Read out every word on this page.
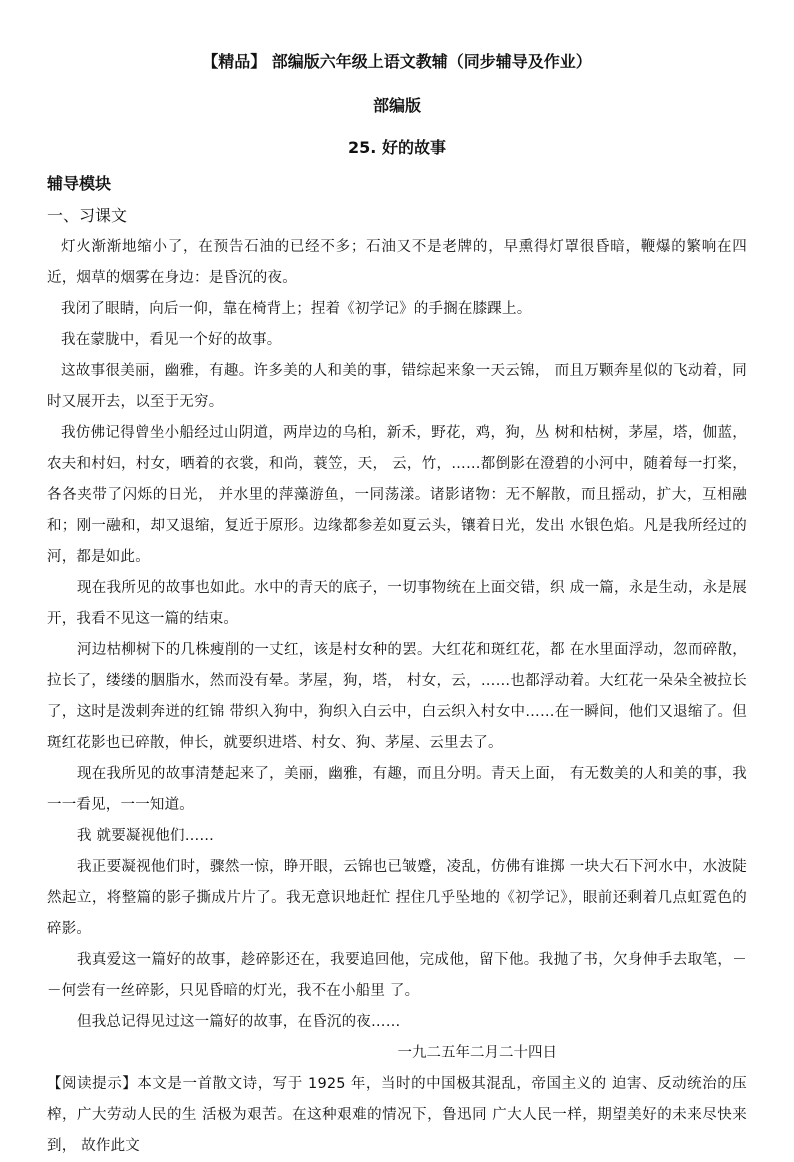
【精品】 部编版六年级上语文教辅（同步辅导及作业）
部编版
25. 好的故事
辅导模块
一、习课文

灯火渐渐地缩小了，在预告石油的已经不多；石油又不是老牌的，早熏得灯罩很昏暗，鞭爆的繁响在四近，烟草的烟雾在身边：是昏沉的夜。

我闭了眼睛，向后一仰，靠在椅背上；捏着《初学记》的手搁在膝踝上。

我在蒙胧中，看见一个好的故事。

这故事很美丽，幽雅，有趣。许多美的人和美的事，错综起来象一天云锦， 而且万颗奔星似的飞动着，同时又展开去，以至于无穷。

我仿佛记得曾坐小船经过山阴道，两岸边的乌桕，新禾，野花，鸡，狗，丛 树和枯树，茅屋，塔，伽蓝，农夫和村妇，村女，晒着的衣裳，和尚，蓑笠，天， 云，竹，……都倒影在澄碧的小河中，随着每一打桨，各各夹带了闪烁的日光， 并水里的萍藻游鱼，一同荡漾。诸影诸物：无不解散，而且摇动，扩大，互相融和；刚一融和，却又退缩，复近于原形。边缘都参差如夏云头，镶着日光，发出 水银色焰。凡是我所经过的河，都是如此。

现在我所见的故事也如此。水中的青天的底子，一切事物统在上面交错，织 成一篇，永是生动，永是展开，我看不见这一篇的结束。

河边枯柳树下的几株瘦削的一丈红，该是村女种的罢。大红花和斑红花，都 在水里面浮动，忽而碎散，拉长了，缕缕的胭脂水，然而没有晕。茅屋，狗，塔， 村女，云，……也都浮动着。大红花一朵朵全被拉长了，这时是泼剌奔迸的红锦 带织入狗中，狗织入白云中，白云织入村女中……在一瞬间，他们又退缩了。但 斑红花影也已碎散，伸长，就要织进塔、村女、狗、茅屋、云里去了。

现在我所见的故事清楚起来了，美丽，幽雅，有趣，而且分明。青天上面， 有无数美的人和美的事，我一一看见，一一知道。

我 就要凝视他们……

我正要凝视他们时，骤然一惊，睁开眼，云锦也已皱蹙，凌乱，仿佛有谁掷 一块大石下河水中，水波陡然起立，将整篇的影子撕成片片了。我无意识地赶忙 捏住几乎坠地的《初学记》，眼前还剩着几点虹霓色的碎影。

我真爱这一篇好的故事，趁碎影还在，我要追回他，完成他，留下他。我抛了书，欠身伸手去取笔，－－何尝有一丝碎影，只见昏暗的灯光，我不在小船里 了。

但我总记得见过这一篇好的故事，在昏沉的夜……

一九二五年二月二十四日

【阅读提示】本文是一首散文诗，写于 1925 年，当时的中国极其混乱，帝国主义的 迫害、反动统治的压榨，广大劳动人民的生 活极为艰苦。在这种艰难的情况下，鲁迅同 广大人民一样，期望美好的未来尽快来到， 故作此文
